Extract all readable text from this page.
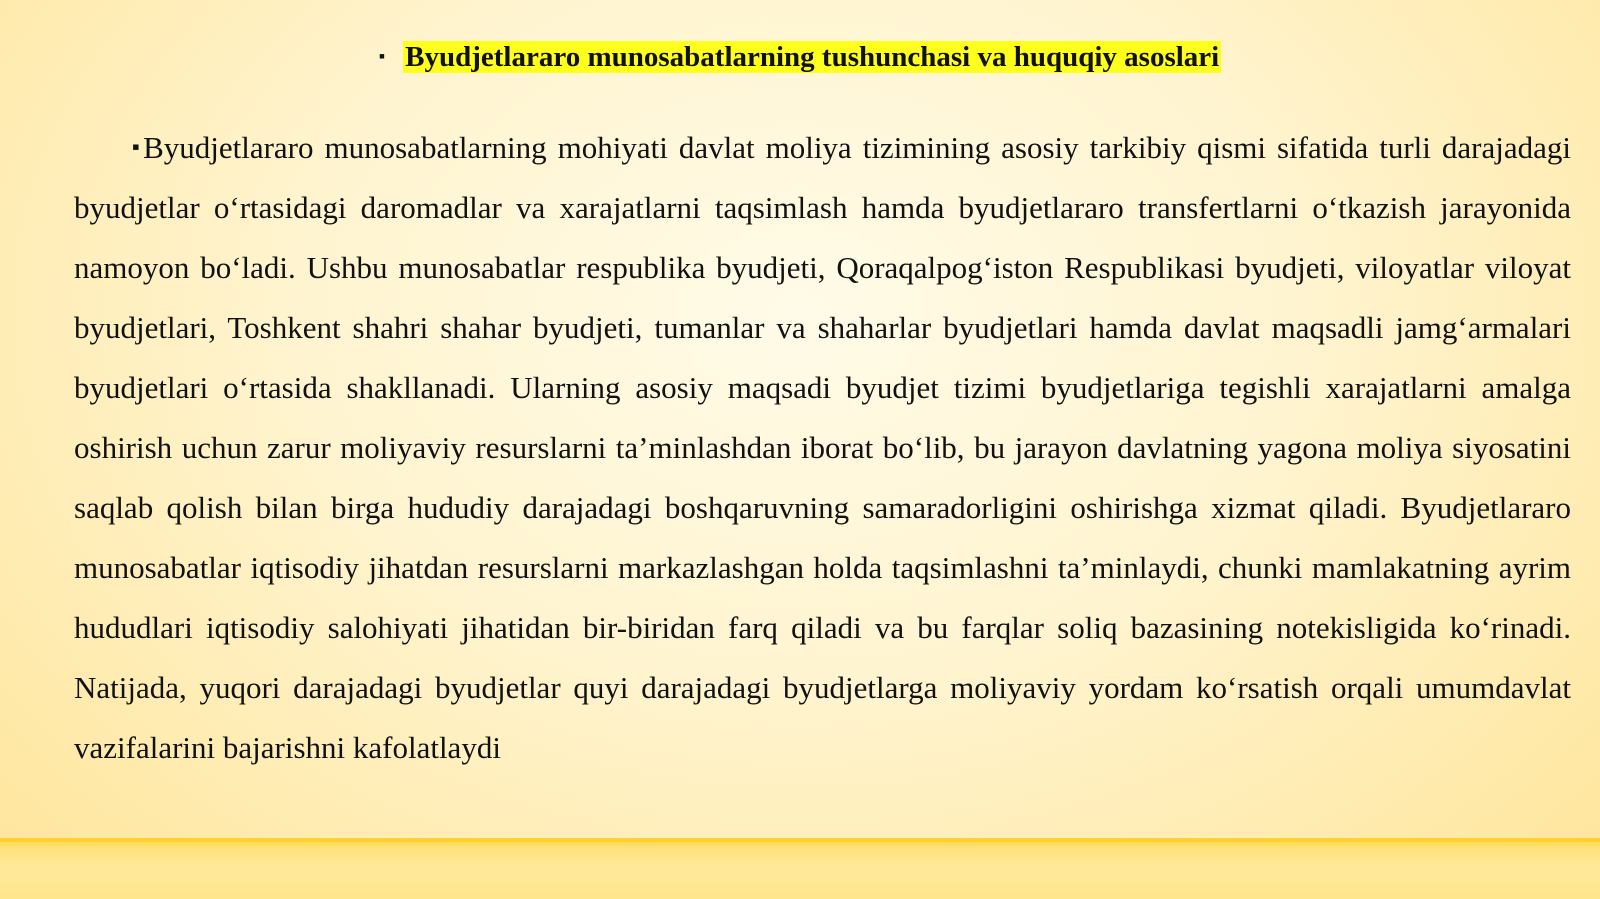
▪ Byudjetlararo munosabatlarning tushunchasi va huquqiy asoslari

▪Byudjetlararo munosabatlarning mohiyati davlat moliya tizimining asosiy tarkibiy qismi sifatida turli darajadagi byudjetlar oʻrtasidagi daromadlar va xarajatlarni taqsimlash hamda byudjetlararo transfertlarni oʻtkazish jarayonida namoyon boʻladi. Ushbu munosabatlar respublika byudjeti, Qoraqalpogʻiston Respublikasi byudjeti, viloyatlar viloyat byudjetlari, Toshkent shahri shahar byudjeti, tumanlar va shaharlar byudjetlari hamda davlat maqsadli jamgʻarmalari byudjetlari oʻrtasida shakllanadi. Ularning asosiy maqsadi byudjet tizimi byudjetlariga tegishli xarajatlarni amalga oshirish uchun zarur moliyaviy resurslarni ta’minlashdan iborat boʻlib, bu jarayon davlatning yagona moliya siyosatini saqlab qolish bilan birga hududiy darajadagi boshqaruvning samaradorligini oshirishga xizmat qiladi. Byudjetlararo munosabatlar iqtisodiy jihatdan resurslarni markazlashgan holda taqsimlashni ta’minlaydi, chunki mamlakatning ayrim hududlari iqtisodiy salohiyati jihatidan bir-biridan farq qiladi va bu farqlar soliq bazasining notekisligida koʻrinadi. Natijada, yuqori darajadagi byudjetlar quyi darajadagi byudjetlarga moliyaviy yordam koʻrsatish orqali umumdavlat vazifalarini bajarishni kafolatlaydi
